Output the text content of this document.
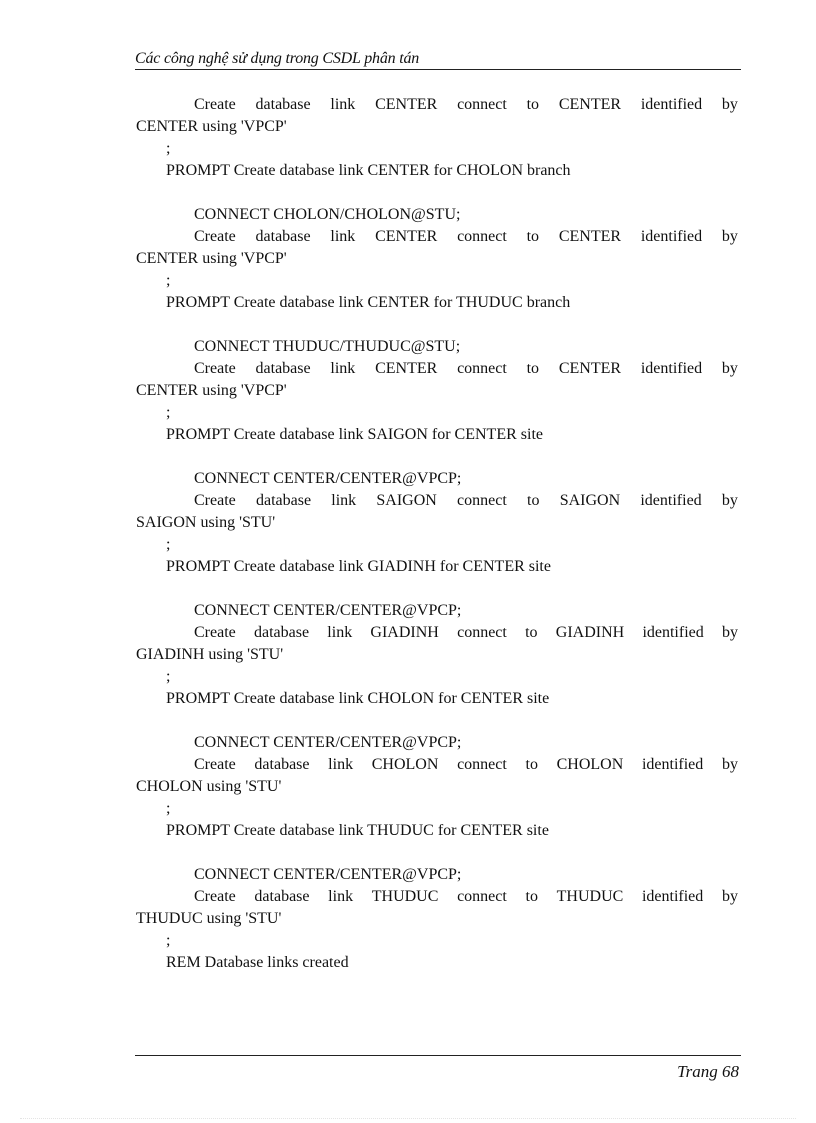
Các công nghệ sử dụng trong CSDL phân tán
Create database link CENTER connect to CENTER identified by
CENTER using 'VPCP'
;
PROMPT Create database link CENTER for CHOLON branch
CONNECT CHOLON/CHOLON@STU;
Create database link CENTER connect to CENTER identified by
CENTER using 'VPCP'
;
PROMPT Create database link CENTER for THUDUC branch
CONNECT THUDUC/THUDUC@STU;
Create database link CENTER connect to CENTER identified by
CENTER using 'VPCP'
;
PROMPT Create database link SAIGON for CENTER site
CONNECT CENTER/CENTER@VPCP;
Create database link SAIGON connect to SAIGON identified by
SAIGON using 'STU'
;
PROMPT Create database link GIADINH for CENTER site
CONNECT CENTER/CENTER@VPCP;
Create database link GIADINH connect to GIADINH identified by
GIADINH using 'STU'
;
PROMPT Create database link CHOLON for CENTER site
CONNECT CENTER/CENTER@VPCP;
Create database link CHOLON connect to CHOLON identified by
CHOLON using 'STU'
;
PROMPT Create database link THUDUC for CENTER site
CONNECT CENTER/CENTER@VPCP;
Create database link THUDUC connect to THUDUC identified by
THUDUC using 'STU'
;
REM Database links created
Trang 68
